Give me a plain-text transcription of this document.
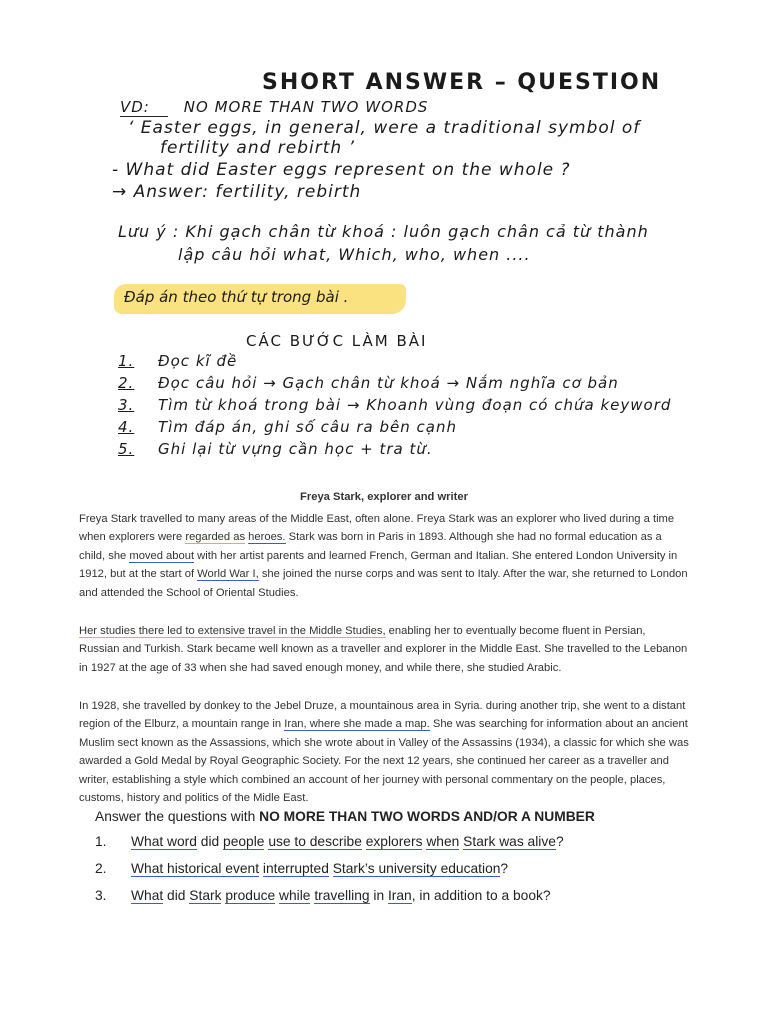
SHORT ANSWER – QUESTION
VD: NO MORE THAN TWO WORDS
‘ Easter eggs, in general, were a traditional symbol of
fertility and rebirth ’
- What did Easter eggs represent on the whole ?
→ Answer: fertility, rebirth
Lưu ý : Khi gạch chân từ khoá : luôn gạch chân cả từ thành
lập câu hỏi what, Which, who, when ....
Đáp án theo thứ tự trong bài .
CÁC BƯỚC LÀM BÀI
1. Đọc kĩ đề
2. Đọc câu hỏi → Gạch chân từ khoá → Nắm nghĩa cơ bản
3. Tìm từ khoá trong bài → Khoanh vùng đoạn có chứa keyword
4. Tìm đáp án, ghi số câu ra bên cạnh
5. Ghi lại từ vựng cần học + tra từ.
Freya Stark, explorer and writer

Freya Stark travelled to many areas of the Middle East, often alone. Freya Stark was an explorer who lived during a time when explorers were regarded as heroes. Stark was born in Paris in 1893. Although she had no formal education as a child, she moved about with her artist parents and learned French, German and Italian. She entered London University in 1912, but at the start of World War I, she joined the nurse corps and was sent to Italy. After the war, she returned to London and attended the School of Oriental Studies.

Her studies there led to extensive travel in the Middle Studies, enabling her to eventually become fluent in Persian, Russian and Turkish. Stark became well known as a traveller and explorer in the Middle East. She travelled to the Lebanon in 1927 at the age of 33 when she had saved enough money, and while there, she studied Arabic.

In 1928, she travelled by donkey to the Jebel Druze, a mountainous area in Syria. during another trip, she went to a distant region of the Elburz, a mountain range in Iran, where she made a map. She was searching for information about an ancient Muslim sect known as the Assassions, which she wrote about in Valley of the Assassins (1934), a classic for which she was awarded a Gold Medal by Royal Geographic Society. For the next 12 years, she continued her career as a traveller and writer, establishing a style which combined an account of her journey with personal commentary on the people, places, customs, history and politics of the Midle East.

Answer the questions with NO MORE THAN TWO WORDS AND/OR A NUMBER
1.	What word did people use to describe explorers when Stark was alive?
2.	What historical event interrupted Stark’s university education?
3.	What did Stark produce while travelling in Iran, in addition to a book?
